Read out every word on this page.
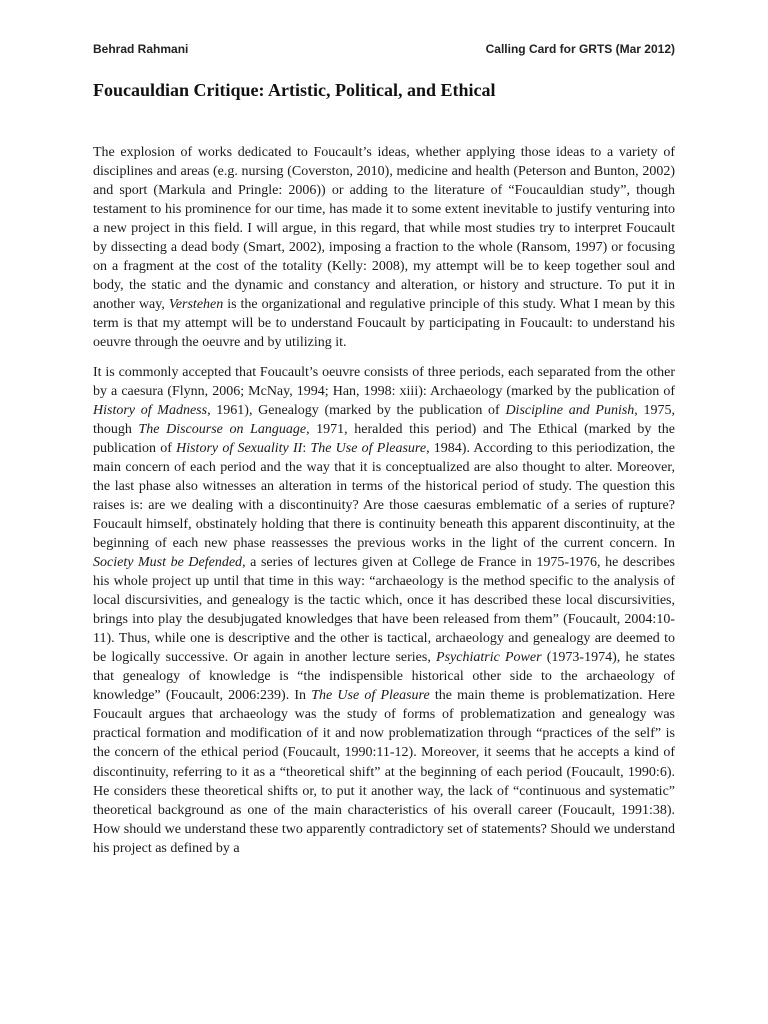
Behrad Rahmani	Calling Card for GRTS (Mar 2012)
Foucauldian Critique: Artistic, Political, and Ethical

The explosion of works dedicated to Foucault’s ideas, whether applying those ideas to a variety of disciplines and areas (e.g. nursing (Coverston, 2010), medicine and health (Peterson and Bunton, 2002) and sport (Markula and Pringle: 2006)) or adding to the literature of “Foucauldian study”, though testament to his prominence for our time, has made it to some extent inevitable to justify venturing into a new project in this field. I will argue, in this regard, that while most studies try to interpret Foucault by dissecting a dead body (Smart, 2002), imposing a fraction to the whole (Ransom, 1997) or focusing on a fragment at the cost of the totality (Kelly: 2008), my attempt will be to keep together soul and body, the static and the dynamic and constancy and alteration, or history and structure. To put it in another way, Verstehen is the organizational and regulative principle of this study. What I mean by this term is that my attempt will be to understand Foucault by participating in Foucault: to understand his oeuvre through the oeuvre and by utilizing it.

It is commonly accepted that Foucault’s oeuvre consists of three periods, each separated from the other by a caesura (Flynn, 2006; McNay, 1994; Han, 1998: xiii): Archaeology (marked by the publication of History of Madness, 1961), Genealogy (marked by the publication of Discipline and Punish, 1975, though The Discourse on Language, 1971, heralded this period) and The Ethical (marked by the publication of History of Sexuality II: The Use of Pleasure, 1984). According to this periodization, the main concern of each period and the way that it is conceptualized are also thought to alter. Moreover, the last phase also witnesses an alteration in terms of the historical period of study. The question this raises is: are we dealing with a discontinuity? Are those caesuras emblematic of a series of rupture? Foucault himself, obstinately holding that there is continuity beneath this apparent discontinuity, at the beginning of each new phase reassesses the previous works in the light of the current concern. In Society Must be Defended, a series of lectures given at College de France in 1975-1976, he describes his whole project up until that time in this way: “archaeology is the method specific to the analysis of local discursivities, and genealogy is the tactic which, once it has described these local discursivities, brings into play the desubjugated knowledges that have been released from them” (Foucault, 2004:10-11). Thus, while one is descriptive and the other is tactical, archaeology and genealogy are deemed to be logically successive. Or again in another lecture series, Psychiatric Power (1973-1974), he states that genealogy of knowledge is “the indispensible historical other side to the archaeology of knowledge” (Foucault, 2006:239). In The Use of Pleasure the main theme is problematization. Here Foucault argues that archaeology was the study of forms of problematization and genealogy was practical formation and modification of it and now problematization through “practices of the self” is the concern of the ethical period (Foucault, 1990:11-12). Moreover, it seems that he accepts a kind of discontinuity, referring to it as a “theoretical shift” at the beginning of each period (Foucault, 1990:6). He considers these theoretical shifts or, to put it another way, the lack of “continuous and systematic” theoretical background as one of the main characteristics of his overall career (Foucault, 1991:38). How should we understand these two apparently contradictory set of statements? Should we understand his project as defined by a
